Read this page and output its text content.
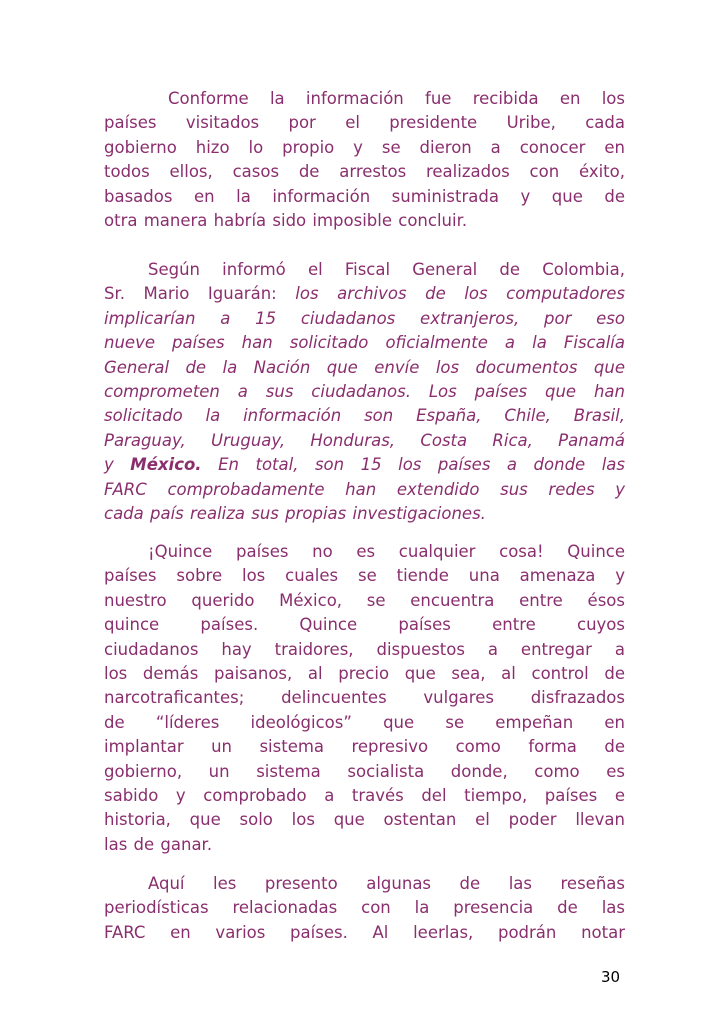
Conforme la información fue recibida en los
países visitados por el presidente Uribe, cada
gobierno hizo lo propio y se dieron a conocer en
todos ellos, casos de arrestos realizados con éxito,
basados en la información suministrada y que de
otra manera habría sido imposible concluir.
Según informó el Fiscal General de Colombia,
Sr. Mario Iguarán: los archivos de los computadores
implicarían a 15 ciudadanos extranjeros, por eso
nueve países han solicitado oficialmente a la Fiscalía
General de la Nación que envíe los documentos que
comprometen a sus ciudadanos. Los países que han
solicitado la información son España, Chile, Brasil,
Paraguay, Uruguay, Honduras, Costa Rica, Panamá
y México. En total, son 15 los países a donde las
FARC comprobadamente han extendido sus redes y
cada país realiza sus propias investigaciones.
¡Quince países no es cualquier cosa! Quince
países sobre los cuales se tiende una amenaza y
nuestro querido México, se encuentra entre ésos
quince países. Quince países entre cuyos
ciudadanos hay traidores, dispuestos a entregar a
los demás paisanos, al precio que sea, al control de
narcotraficantes; delincuentes vulgares disfrazados
de “líderes ideológicos” que se empeñan en
implantar un sistema represivo como forma de
gobierno, un sistema socialista donde, como es
sabido y comprobado a través del tiempo, países e
historia, que solo los que ostentan el poder llevan
las de ganar.
Aquí les presento algunas de las reseñas
periodísticas relacionadas con la presencia de las
FARC en varios países. Al leerlas, podrán notar
30
